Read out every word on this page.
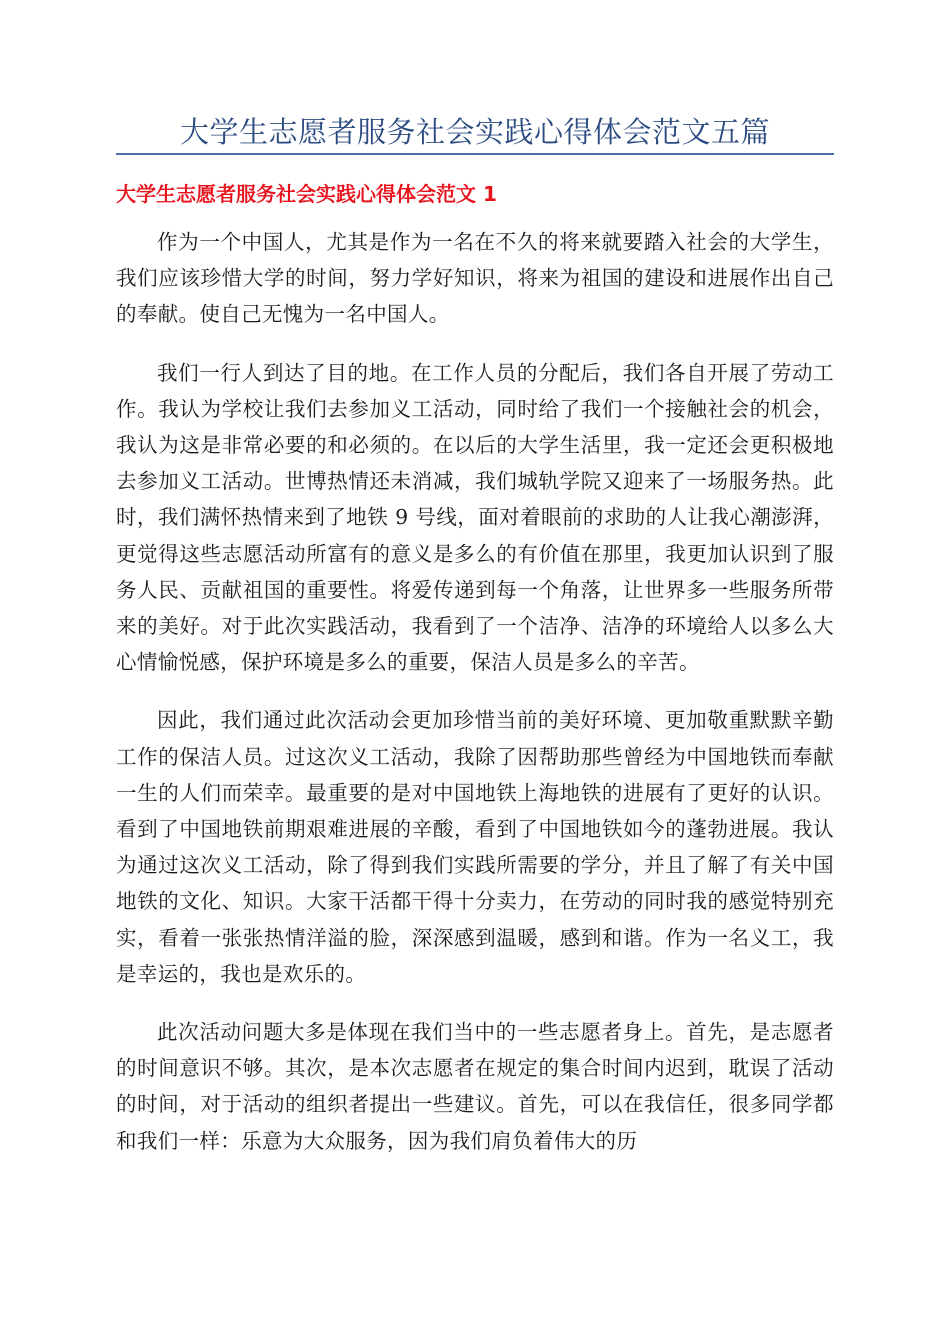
大学生志愿者服务社会实践心得体会范文五篇
大学生志愿者服务社会实践心得体会范文 1

作为一个中国人，尤其是作为一名在不久的将来就要踏入社会的大学生，我们应该珍惜大学的时间，努力学好知识，将来为祖国的建设和进展作出自己的奉献。使自己无愧为一名中国人。

我们一行人到达了目的地。在工作人员的分配后，我们各自开展了劳动工作。我认为学校让我们去参加义工活动，同时给了我们一个接触社会的机会，我认为这是非常必要的和必须的。在以后的大学生活里，我一定还会更积极地去参加义工活动。世博热情还未消减，我们城轨学院又迎来了一场服务热。此时，我们满怀热情来到了地铁 9 号线，面对着眼前的求助的人让我心潮澎湃，更觉得这些志愿活动所富有的意义是多么的有价值在那里，我更加认识到了服务人民、贡献祖国的重要性。将爱传递到每一个角落，让世界多一些服务所带来的美好。对于此次实践活动，我看到了一个洁净、洁净的环境给人以多么大心情愉悦感，保护环境是多么的重要，保洁人员是多么的辛苦。

因此，我们通过此次活动会更加珍惜当前的美好环境、更加敬重默默辛勤工作的保洁人员。过这次义工活动，我除了因帮助那些曾经为中国地铁而奉献一生的人们而荣幸。最重要的是对中国地铁上海地铁的进展有了更好的认识。看到了中国地铁前期艰难进展的辛酸，看到了中国地铁如今的蓬勃进展。我认为通过这次义工活动，除了得到我们实践所需要的学分，并且了解了有关中国地铁的文化、知识。大家干活都干得十分卖力，在劳动的同时我的感觉特别充实，看着一张张热情洋溢的脸，深深感到温暖，感到和谐。作为一名义工，我是幸运的，我也是欢乐的。

此次活动问题大多是体现在我们当中的一些志愿者身上。首先，是志愿者的时间意识不够。其次，是本次志愿者在规定的集合时间内迟到，耽误了活动的时间，对于活动的组织者提出一些建议。首先，可以在我信任，很多同学都和我们一样：乐意为大众服务，因为我们肩负着伟大的历
